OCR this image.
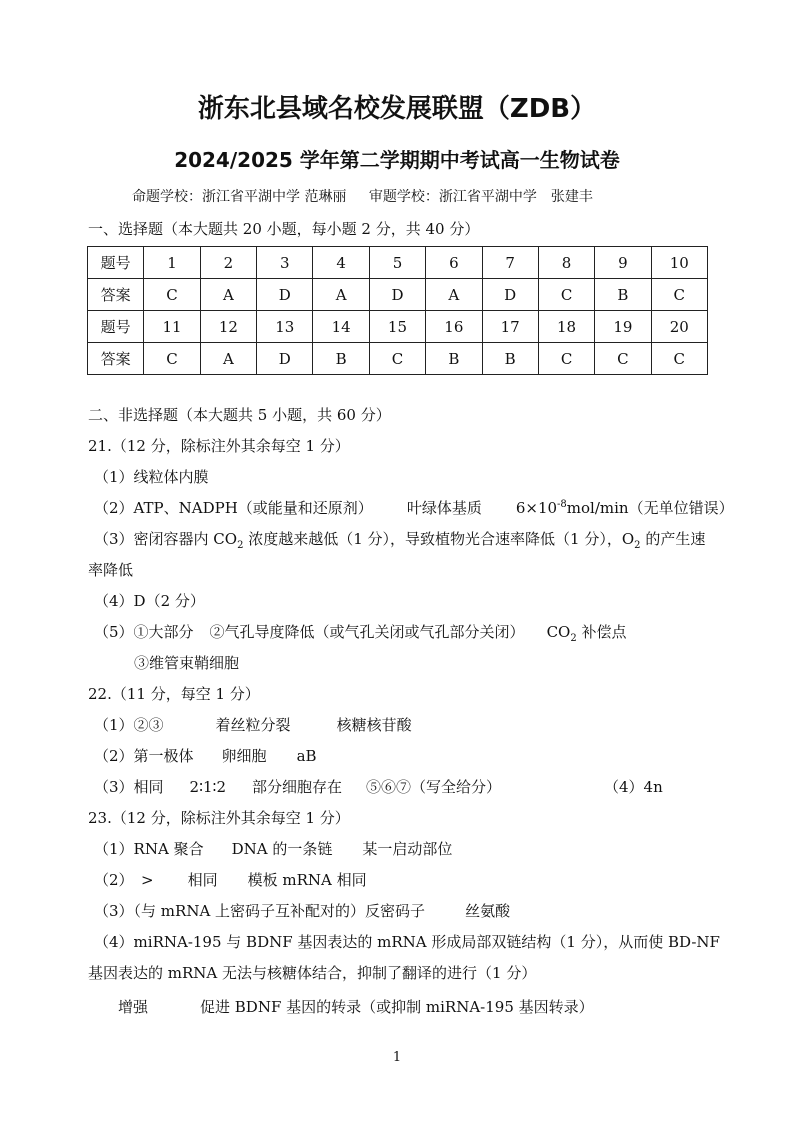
浙东北县域名校发展联盟（ZDB）
2024/2025 学年第二学期期中考试高一生物试卷
命题学校：浙江省平湖中学 范琳丽 审题学校：浙江省平湖中学　张建丰
一、选择题（本大题共 20 小题，每小题 2 分，共 40 分）
题号	1	2	3	4	5	6	7	8	9	10
答案	C	A	D	A	D	A	D	C	B	C
题号	11	12	13	14	15	16	17	18	19	20
答案	C	A	D	B	C	B	B	C	C	C
二、非选择题（本大题共 5 小题，共 60 分）
21.（12 分，除标注外其余每空 1 分）
（1）线粒体内膜
（2）ATP、NADPH（或能量和还原剂） 叶绿体基质 $6\times 10^{-8}mol/\min$（无单位错误）
（3）密闭容器内 $CO_2$ 浓度越来越低（1 分），导致植物光合速率降低（1 分），$O_2$ 的产生速
率降低
（4）D（2 分）
（5）①大部分 ②气孔导度降低（或气孔关闭或气孔部分关闭） $CO_2$ 补偿点
③维管束鞘细胞
22.（11 分，每空 1 分）
（1）②③	着丝粒分裂	核糖核苷酸
（2）第一极体 卵细胞 aB
（3）相同 2∶1∶2 部分细胞存在 ⑤⑥⑦（写全给分）	（4）4n
23.（12 分，除标注外其余每空 1 分）
（1）RNA 聚合 DNA 的一条链 某一启动部位
（2）　> 相同 模板 mRNA 相同
（3）（与 mRNA 上密码子互补配对的）反密码子	丝氨酸
（4）miRNA-195 与 BDNF 基因表达的 mRNA 形成局部双链结构（1 分），从而使 BD-NF
基因表达的 mRNA 无法与核糖体结合，抑制了翻译的进行（1 分）
增强	促进 BDNF 基因的转录（或抑制 miRNA-195 基因转录）
1
